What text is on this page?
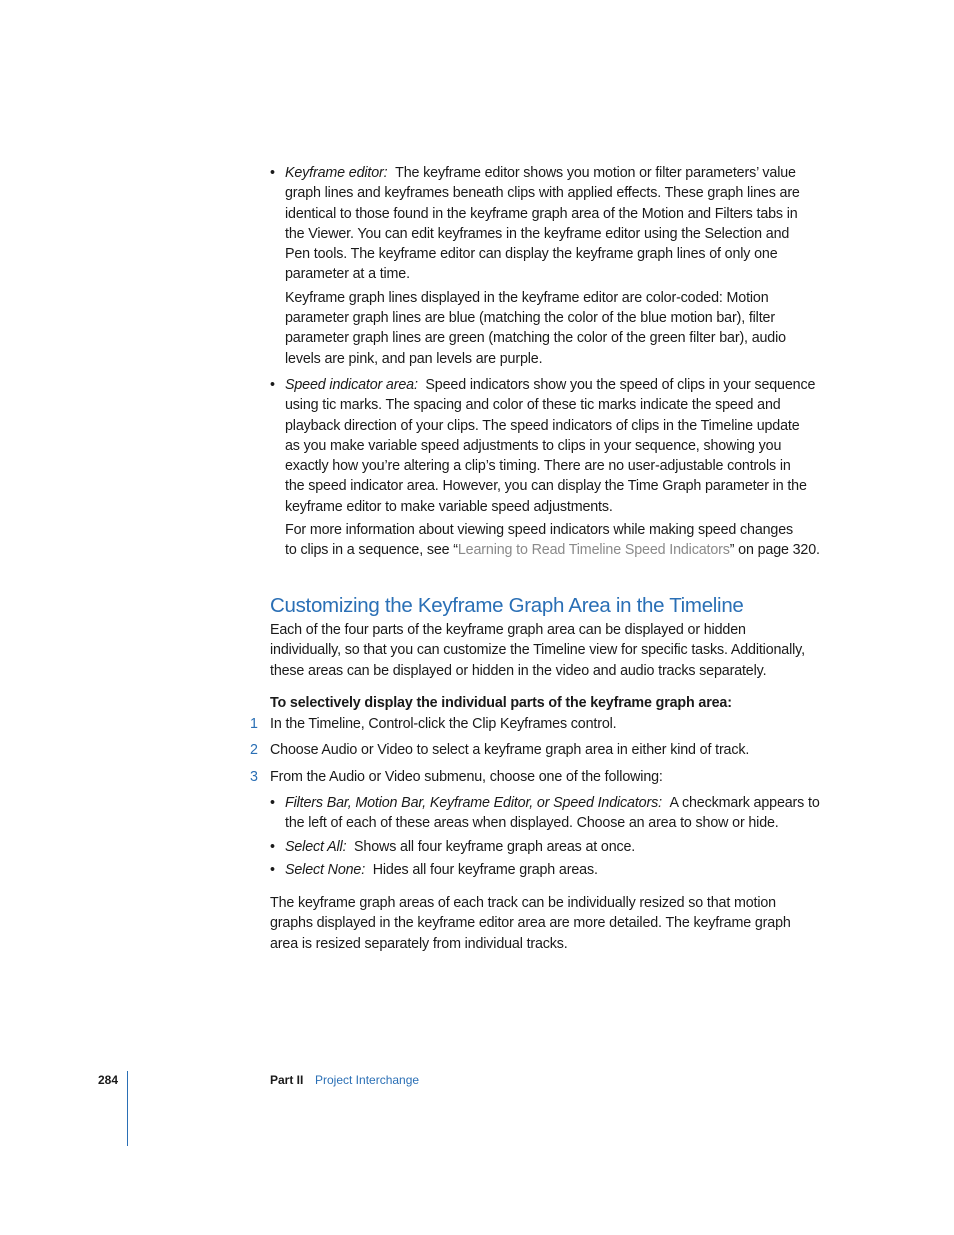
• Keyframe editor: The keyframe editor shows you motion or filter parameters’ value
graph lines and keyframes beneath clips with applied effects. These graph lines are
identical to those found in the keyframe graph area of the Motion and Filters tabs in
the Viewer. You can edit keyframes in the keyframe editor using the Selection and
Pen tools. The keyframe editor can display the keyframe graph lines of only one
parameter at a time.
Keyframe graph lines displayed in the keyframe editor are color-coded: Motion
parameter graph lines are blue (matching the color of the blue motion bar), filter
parameter graph lines are green (matching the color of the green filter bar), audio
levels are pink, and pan levels are purple.
• Speed indicator area: Speed indicators show you the speed of clips in your sequence
using tic marks. The spacing and color of these tic marks indicate the speed and
playback direction of your clips. The speed indicators of clips in the Timeline update
as you make variable speed adjustments to clips in your sequence, showing you
exactly how you’re altering a clip’s timing. There are no user-adjustable controls in
the speed indicator area. However, you can display the Time Graph parameter in the
keyframe editor to make variable speed adjustments.
For more information about viewing speed indicators while making speed changes
to clips in a sequence, see “Learning to Read Timeline Speed Indicators” on page 320.
Customizing the Keyframe Graph Area in the Timeline
Each of the four parts of the keyframe graph area can be displayed or hidden
individually, so that you can customize the Timeline view for specific tasks. Additionally,
these areas can be displayed or hidden in the video and audio tracks separately.
To selectively display the individual parts of the keyframe graph area:
1 In the Timeline, Control-click the Clip Keyframes control.
2 Choose Audio or Video to select a keyframe graph area in either kind of track.
3 From the Audio or Video submenu, choose one of the following:
• Filters Bar, Motion Bar, Keyframe Editor, or Speed Indicators: A checkmark appears to
the left of each of these areas when displayed. Choose an area to show or hide.
• Select All: Shows all four keyframe graph areas at once.
• Select None: Hides all four keyframe graph areas.
The keyframe graph areas of each track can be individually resized so that motion
graphs displayed in the keyframe editor area are more detailed. The keyframe graph
area is resized separately from individual tracks.
284	Part II Project Interchange
